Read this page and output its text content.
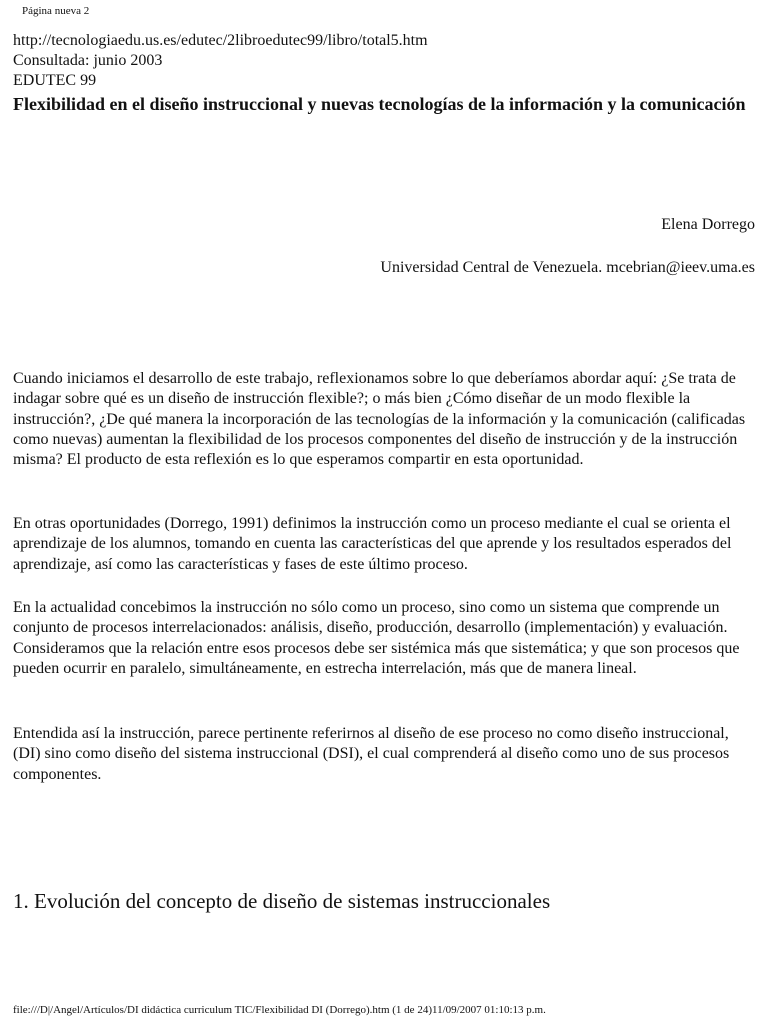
Página nueva 2
http://tecnologiaedu.us.es/edutec/2libroedutec99/libro/total5.htm
Consultada: junio 2003
EDUTEC 99
Flexibilidad en el diseño instruccional y nuevas tecnologías de la información y la comunicación
Elena Dorrego
Universidad Central de Venezuela. mcebrian@ieev.uma.es

Cuando iniciamos el desarrollo de este trabajo, reflexionamos sobre lo que deberíamos abordar aquí: ¿Se trata de indagar sobre qué es un diseño de instrucción flexible?; o más bien ¿Cómo diseñar de un modo flexible la instrucción?, ¿De qué manera la incorporación de las tecnologías de la información y la comunicación (calificadas como nuevas) aumentan la flexibilidad de los procesos componentes del diseño de instrucción y de la instrucción misma? El producto de esta reflexión es lo que esperamos compartir en esta oportunidad.

En otras oportunidades (Dorrego, 1991) definimos la instrucción como un proceso mediante el cual se orienta el aprendizaje de los alumnos, tomando en cuenta las características del que aprende y los resultados esperados del aprendizaje, así como las características y fases de este último proceso.

En la actualidad concebimos la instrucción no sólo como un proceso, sino como un sistema que comprende un conjunto de procesos interrelacionados: análisis, diseño, producción, desarrollo (implementación) y evaluación. Consideramos que la relación entre esos procesos debe ser sistémica más que sistemática; y que son procesos que pueden ocurrir en paralelo, simultáneamente, en estrecha interrelación, más que de manera lineal.

Entendida así la instrucción, parece pertinente referirnos al diseño de ese proceso no como diseño instruccional, (DI) sino como diseño del sistema instruccional (DSI), el cual comprenderá al diseño como uno de sus procesos componentes.

1. Evolución del concepto de diseño de sistemas instruccionales
file:///D|/Angel/Artículos/DI didáctica curriculum TIC/Flexibilidad DI (Dorrego).htm (1 de 24)11/09/2007 01:10:13 p.m.
